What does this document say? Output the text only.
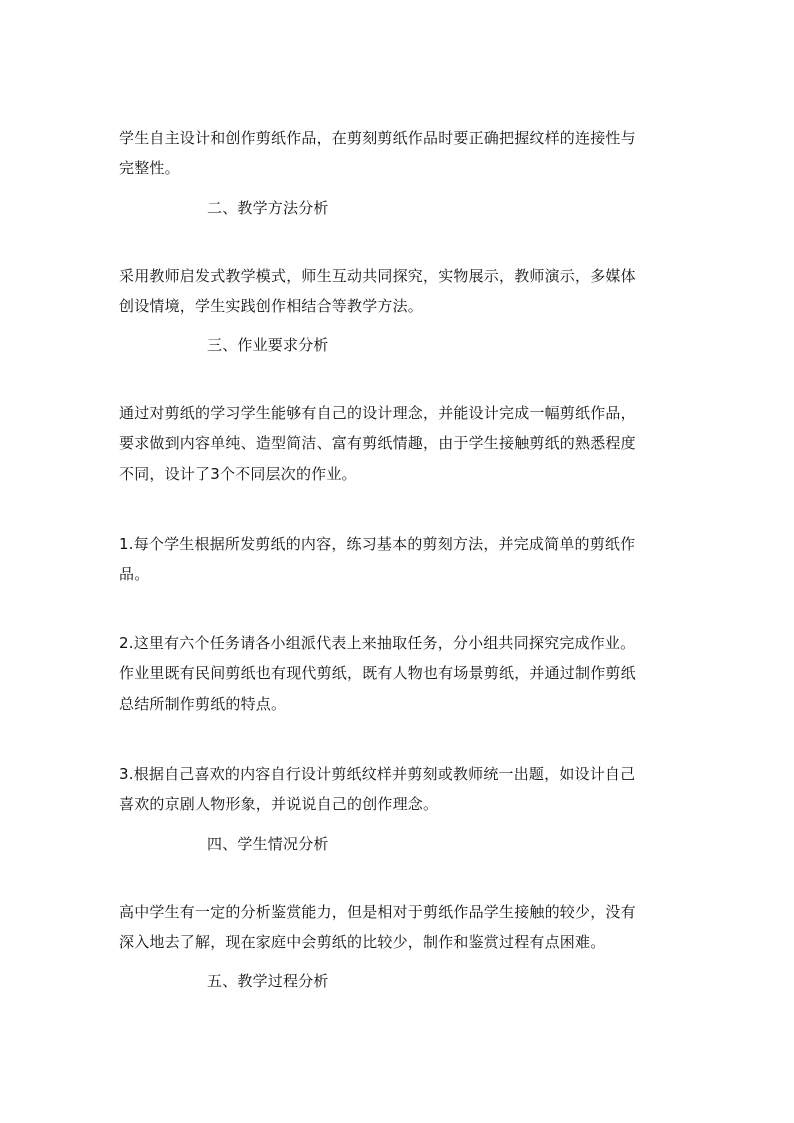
学生自主设计和创作剪纸作品，在剪刻剪纸作品时要正确把握纹样的连接性与
完整性。
二、教学方法分析
采用教师启发式教学模式，师生互动共同探究，实物展示，教师演示，多媒体
创设情境，学生实践创作相结合等教学方法。
三、作业要求分析
通过对剪纸的学习学生能够有自己的设计理念，并能设计完成一幅剪纸作品，
要求做到内容单纯、造型简洁、富有剪纸情趣，由于学生接触剪纸的熟悉程度
不同，设计了3个不同层次的作业。
1.每个学生根据所发剪纸的内容，练习基本的剪刻方法，并完成简单的剪纸作
品。
2.这里有六个任务请各小组派代表上来抽取任务，分小组共同探究完成作业。
作业里既有民间剪纸也有现代剪纸，既有人物也有场景剪纸，并通过制作剪纸
总结所制作剪纸的特点。
3.根据自己喜欢的内容自行设计剪纸纹样并剪刻或教师统一出题，如设计自己
喜欢的京剧人物形象，并说说自己的创作理念。
四、学生情况分析
高中学生有一定的分析鉴赏能力，但是相对于剪纸作品学生接触的较少，没有
深入地去了解，现在家庭中会剪纸的比较少，制作和鉴赏过程有点困难。
五、教学过程分析
